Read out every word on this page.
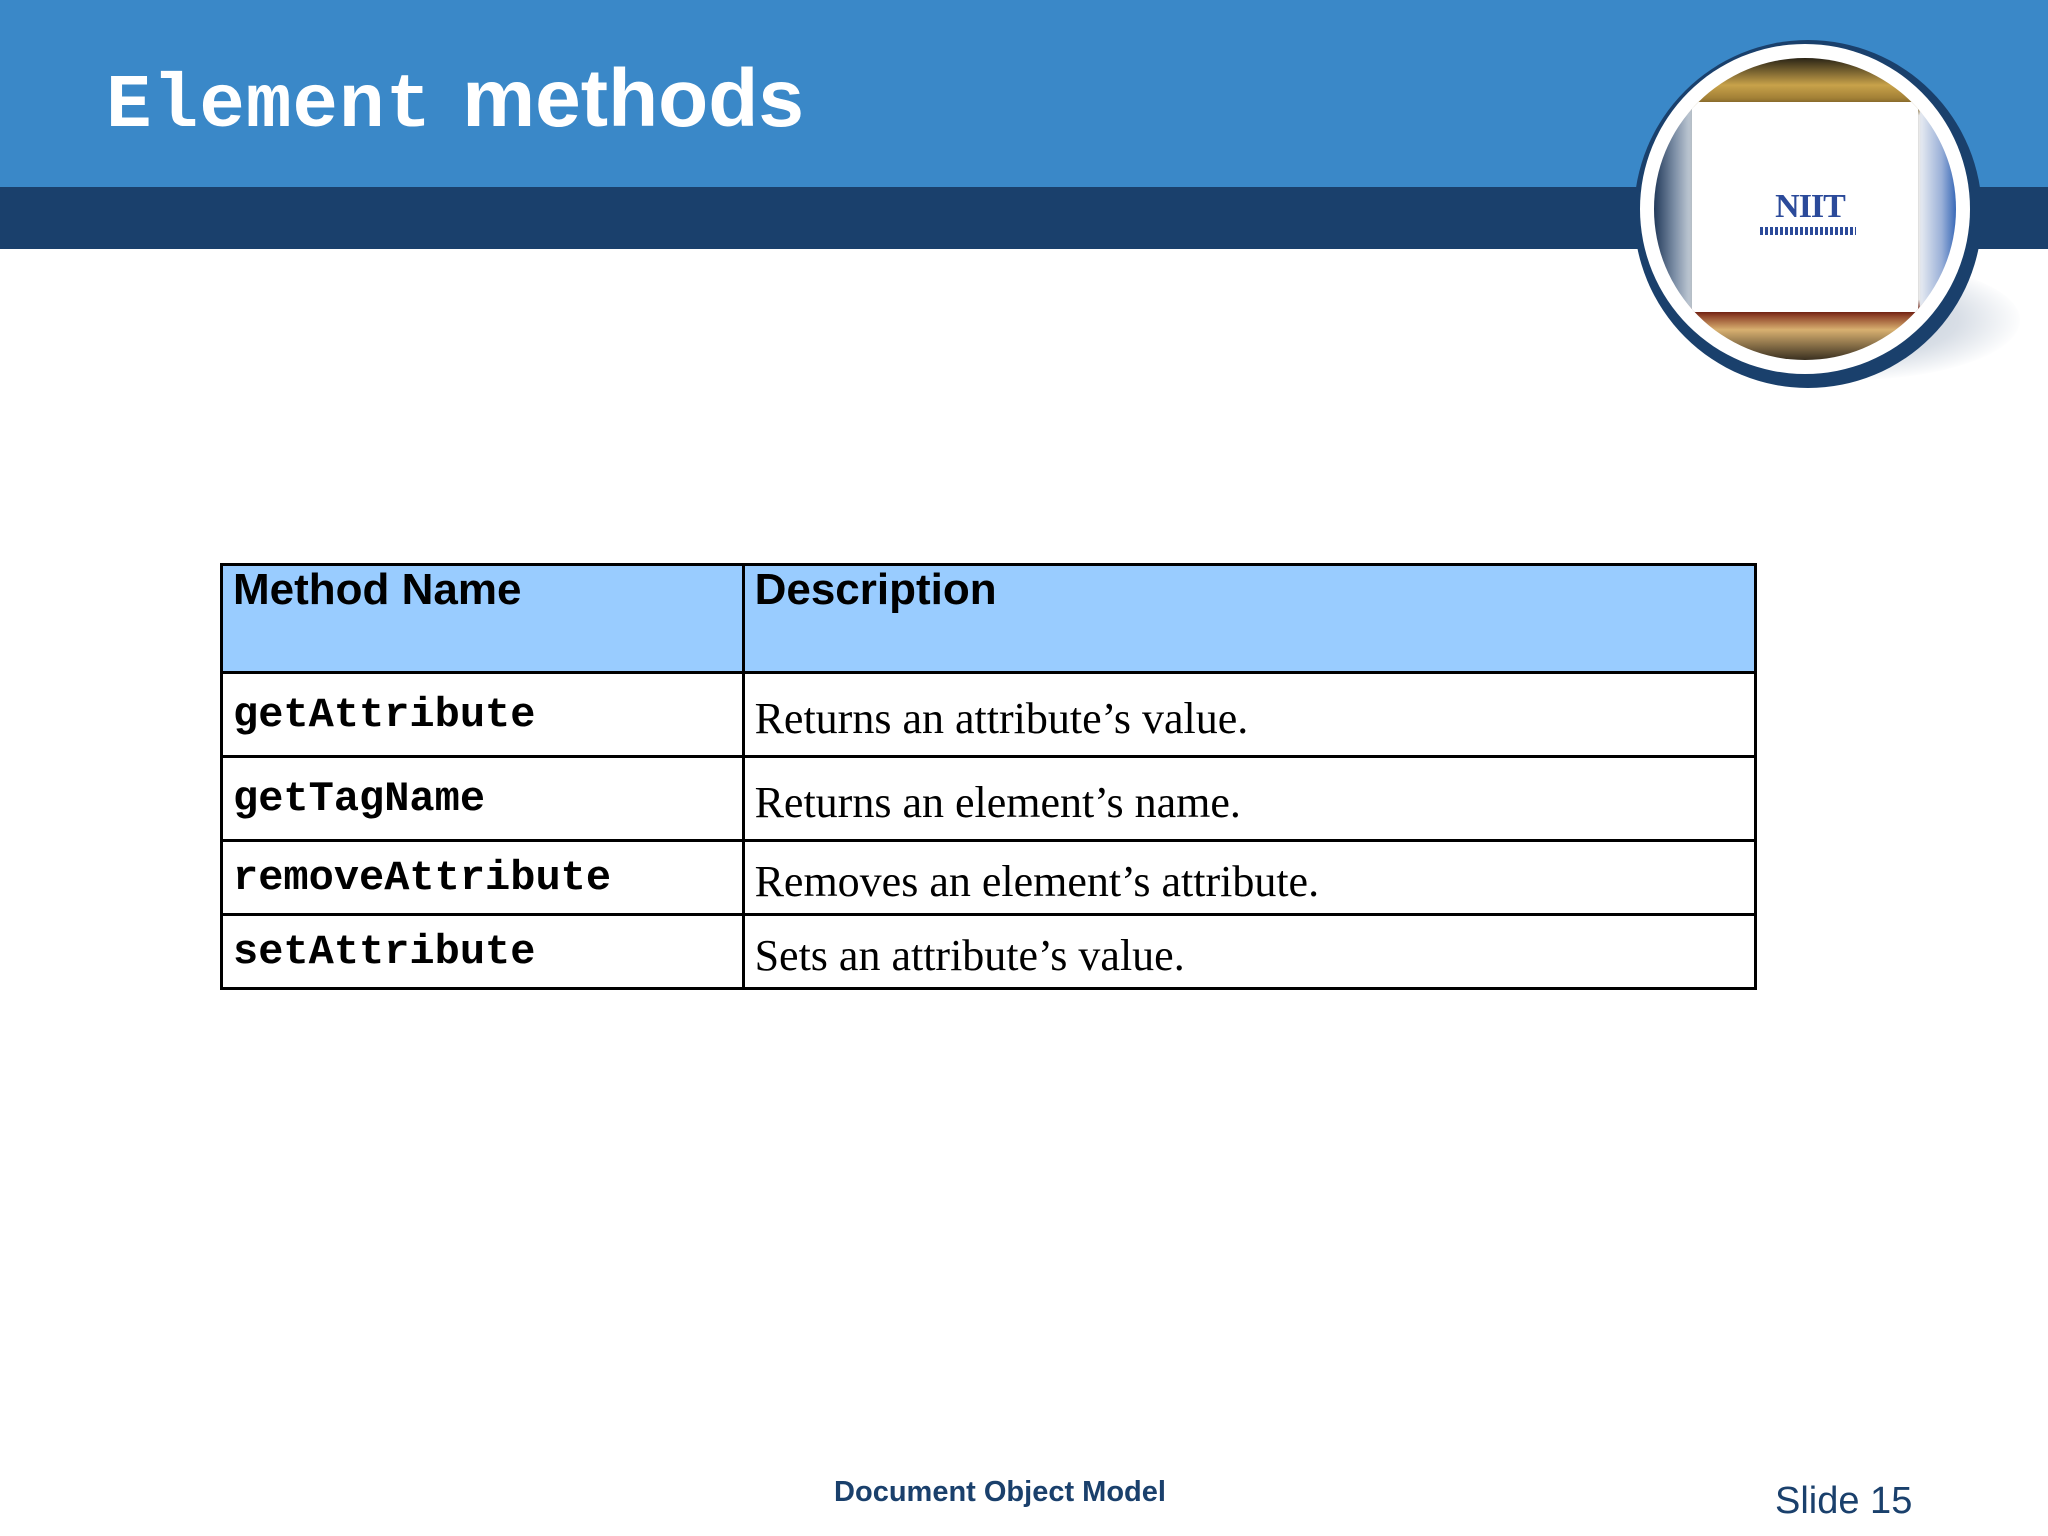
Element methods
NIIT
Method Name	Description
getAttribute	Returns an attribute’s value.
getTagName	Returns an element’s name.
removeAttribute	Removes an element’s attribute.
setAttribute	Sets an attribute’s value.
Document Object Model	Slide 15
